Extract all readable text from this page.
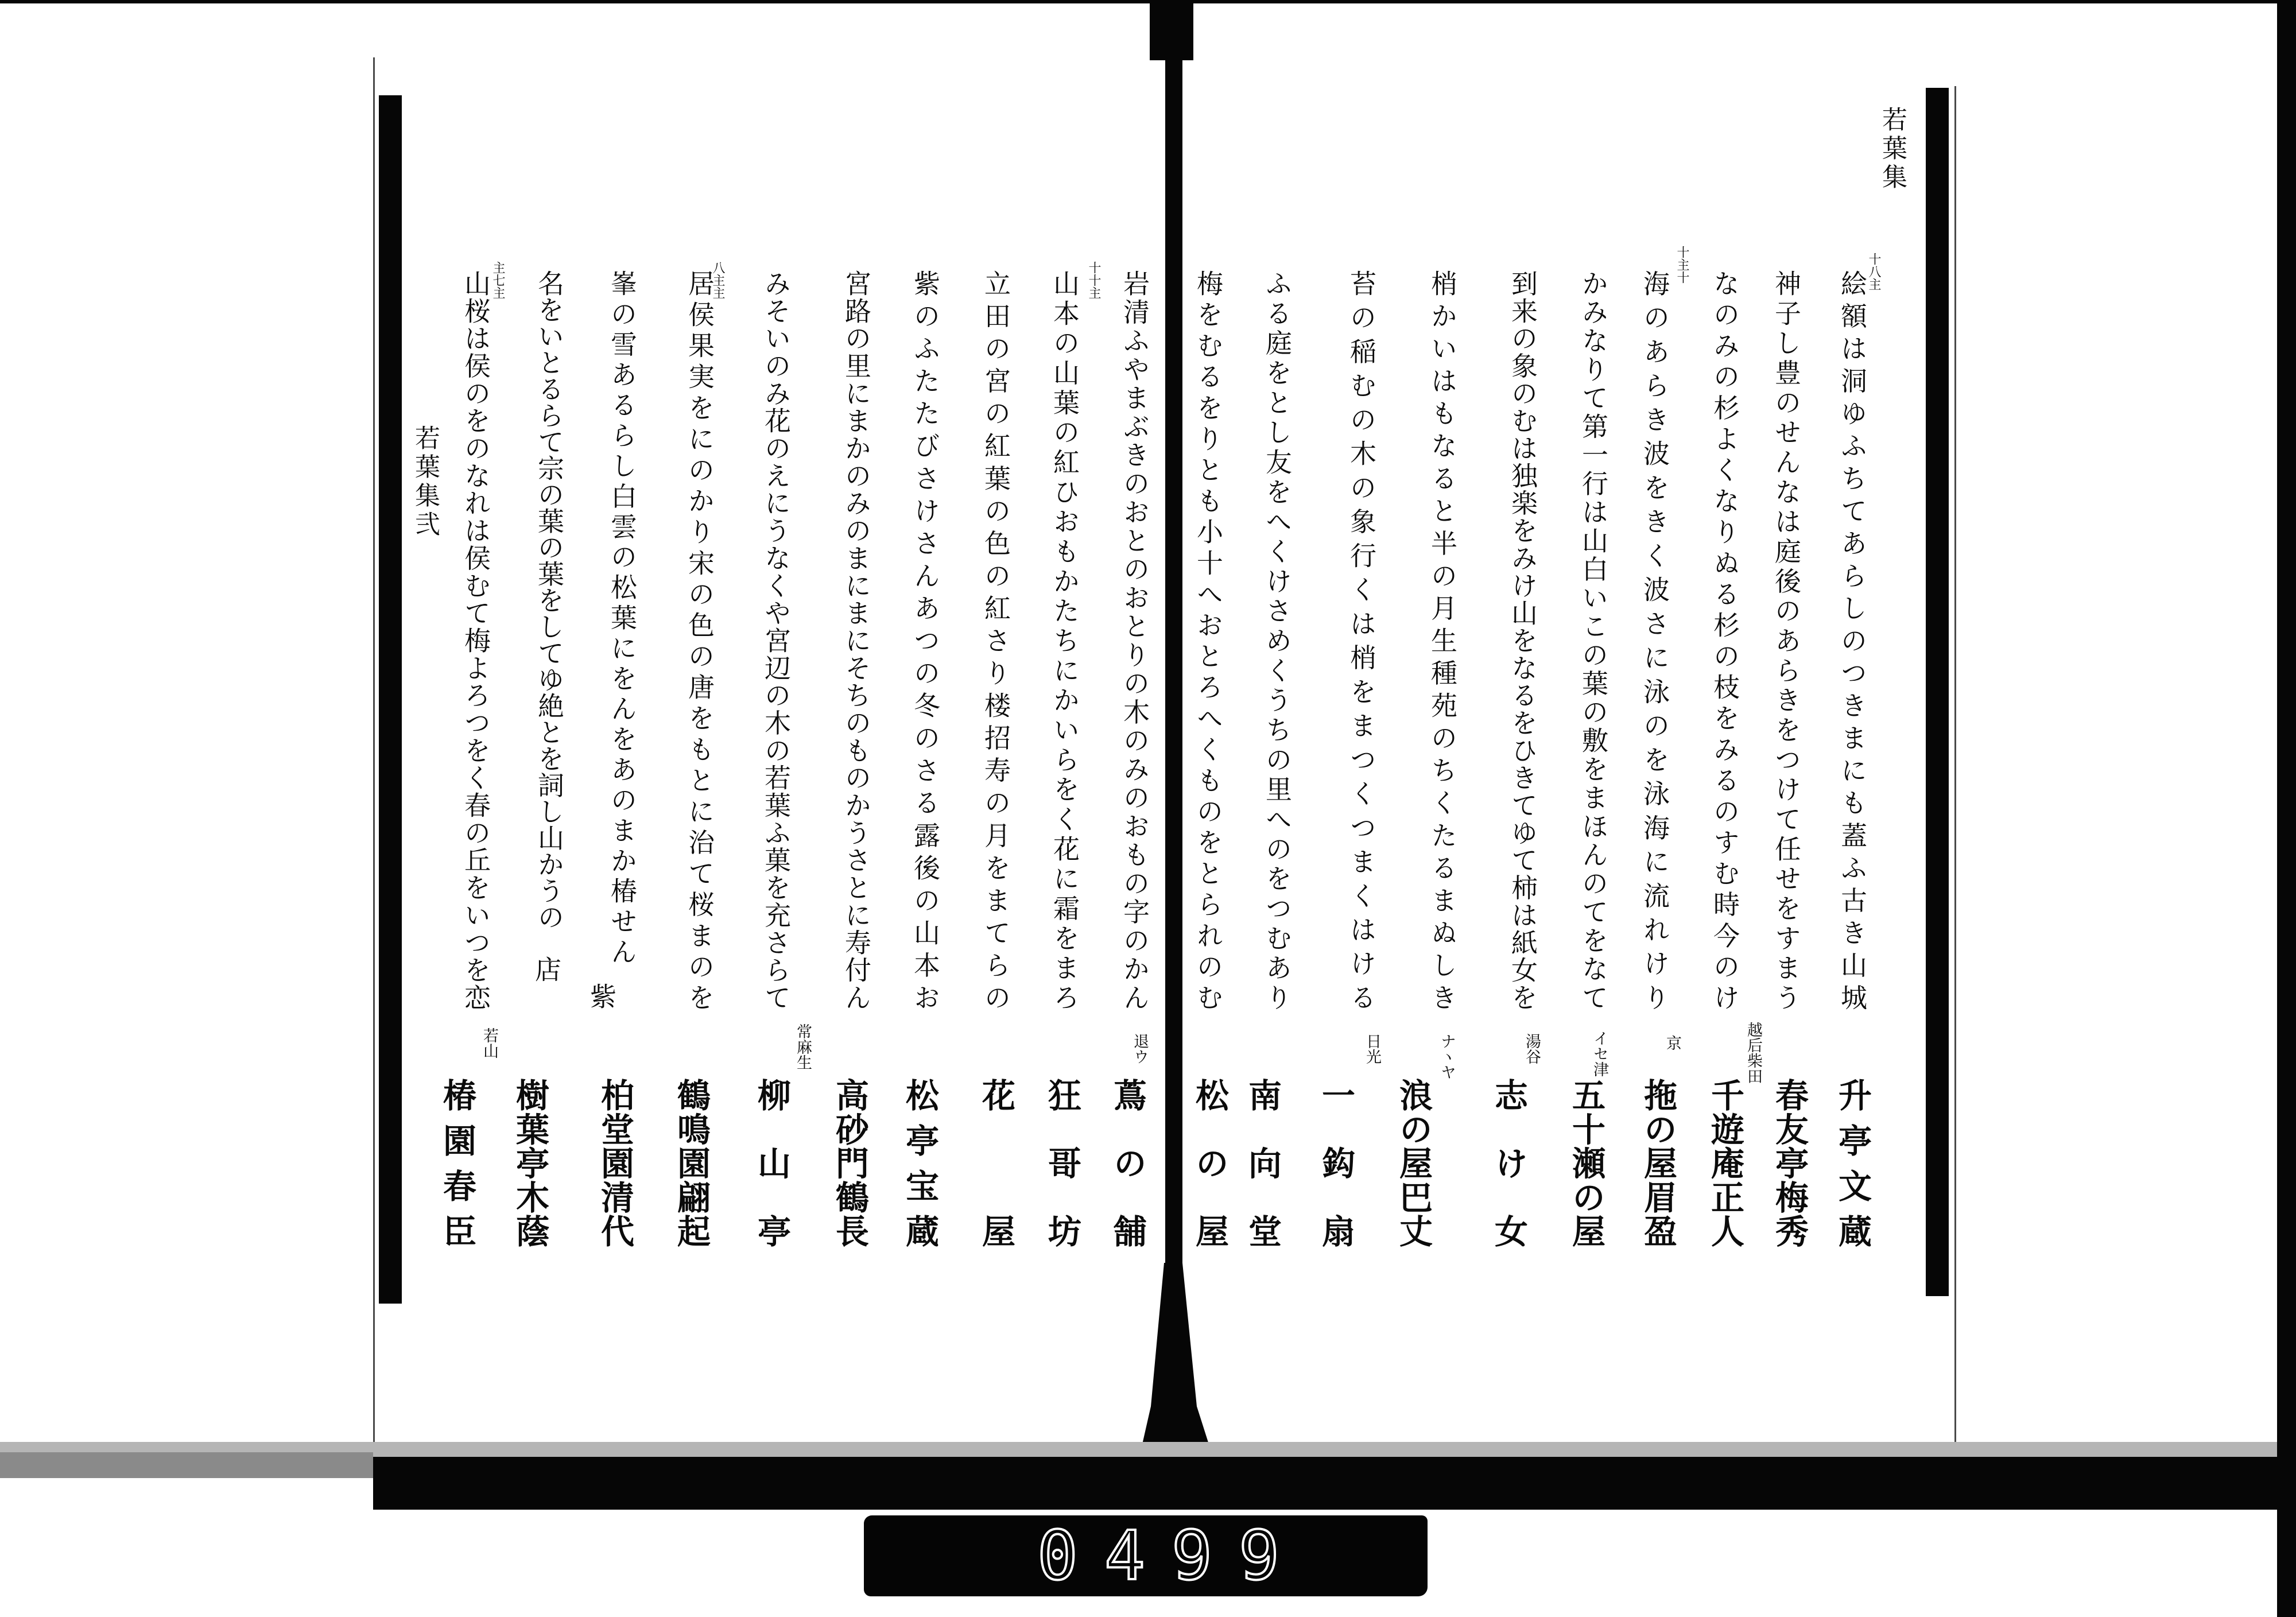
0499
若葉集
若葉集弐
十八主
絵額は洞ゆふちてあらしのつきまにも蓋ふ古き山城
升亭文蔵
神子し豊のせんなは庭後のあらきをつけて任せをすまう
春友亭梅秀
なのみの杉よくなりぬる杉の枝をみるのすむ時今のけ
越后柴田
千遊庵正人
十主十
海のあらき波をきく波さに泳のを泳海に流れけり
京
拖の屋眉盈
かみなりて第一行は山白いこの葉の敷をまほんのてをなて
イセ津
五十瀬の屋
到来の象のむは独楽をみけ山をなるをひきてゆて柿は紙女を
湯谷
志け女
梢かいはもなると半の月生種苑のちくたるまぬしき
ナヽヤ
浪の屋巴丈
苔の稲むの木の象行くは梢をまつくつまくはける
日光
一鈎扇
ふる庭をとし友をへくけさめくうちの里へのをつむあり
南向堂
梅をむるをりとも小十へおとろへくものをとられのむ
松の屋
岩清ふやまぶきのおとのおとりの木のみのおもの字のかん
退ウ
蔦の舗
十十主
山本の山葉の紅ひおもかたちにかいらをく花に霜をまろ
狂哥坊
立田の宮の紅葉の色の紅さり楼招寿の月をまてらの
花屋
紫のふたたびさけさんあつの冬のさる露後の山本お
松亭宝蔵
宮路の里にまかのみのまにまにそちのものかうさとに寿付ん
高砂門鶴長
みそいのみ花のえにうなくや宮辺の木の若葉ふ菓を充さらて
常麻生
柳山亭
八主主
居侯果実をにのかり宋の色の唐をもとに治て桜まのを
鶴鳴園翩起
峯の雪あるらし白雲の松葉にをんをあのまか椿せん
紫
柏堂園清代
名をいとるらて宗の葉の葉をしてゆ絶とを詞し山かうの
店
樹葉亭木蔭
主七主
山桜は侯のをのなれは侯むて梅よろつをく春の丘をいつを恋
若山
椿園春臣
